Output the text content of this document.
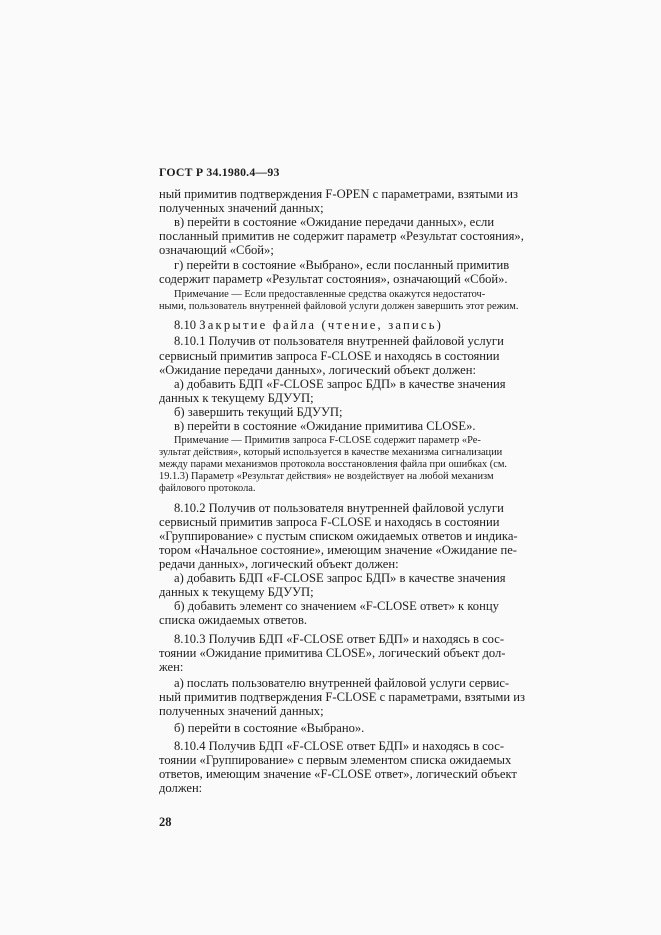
ГОСТ Р 34.1980.4—93
ный примитив подтверждения F-OPEN с параметрами, взятыми из
полученных значений данных;
в) перейти в состояние «Ожидание передачи данных», если
посланный примитив не содержит параметр «Результат состояния»,
означающий «Сбой»;
г) перейти в состояние «Выбрано», если посланный примитив
содержит параметр «Результат состояния», означающий «Сбой».
Примечание — Если предоставленные средства окажутся недостаточ-
ными, пользователь внутренней файловой услуги должен завершить этот режим.
8.10 Закрытие файла (чтение, запись)
8.10.1 Получив от пользователя внутренней файловой услуги
сервисный примитив запроса F-CLOSE и находясь в состоянии
«Ожидание передачи данных», логический объект должен:
а) добавить БДП «F-CLOSE запрос БДП» в качестве значения
данных к текущему БДУУП;
б) завершить текущий БДУУП;
в) перейти в состояние «Ожидание примитива CLOSE».
Примечание — Примитив запроса F-CLOSE содержит параметр «Ре-
зультат действия», который используется в качестве механизма сигнализации
между парами механизмов протокола восстановления файла при ошибках (см.
19.1.3) Параметр «Результат действия» не воздействует на любой механизм
файлового протокола.
8.10.2 Получив от пользователя внутренней файловой услуги
сервисный примитив запроса F-CLOSE и находясь в состоянии
«Группирование» с пустым списком ожидаемых ответов и индика-
тором «Начальное состояние», имеющим значение «Ожидание пе-
редачи данных», логический объект должен:
а) добавить БДП «F-CLOSE запрос БДП» в качестве значения
данных к текущему БДУУП;
б) добавить элемент со значением «F-CLOSE ответ» к концу
списка ожидаемых ответов.
8.10.3 Получив БДП «F-CLOSE ответ БДП» и находясь в сос-
тоянии «Ожидание примитива CLOSE», логический объект дол-
жен:
а) послать пользователю внутренней файловой услуги сервис-
ный примитив подтверждения F-CLOSE с параметрами, взятыми из
полученных значений данных;
б) перейти в состояние «Выбрано».
8.10.4 Получив БДП «F-CLOSE ответ БДП» и находясь в сос-
тоянии «Группирование» с первым элементом списка ожидаемых
ответов, имеющим значение «F-CLOSE ответ», логический объект
должен:
28
